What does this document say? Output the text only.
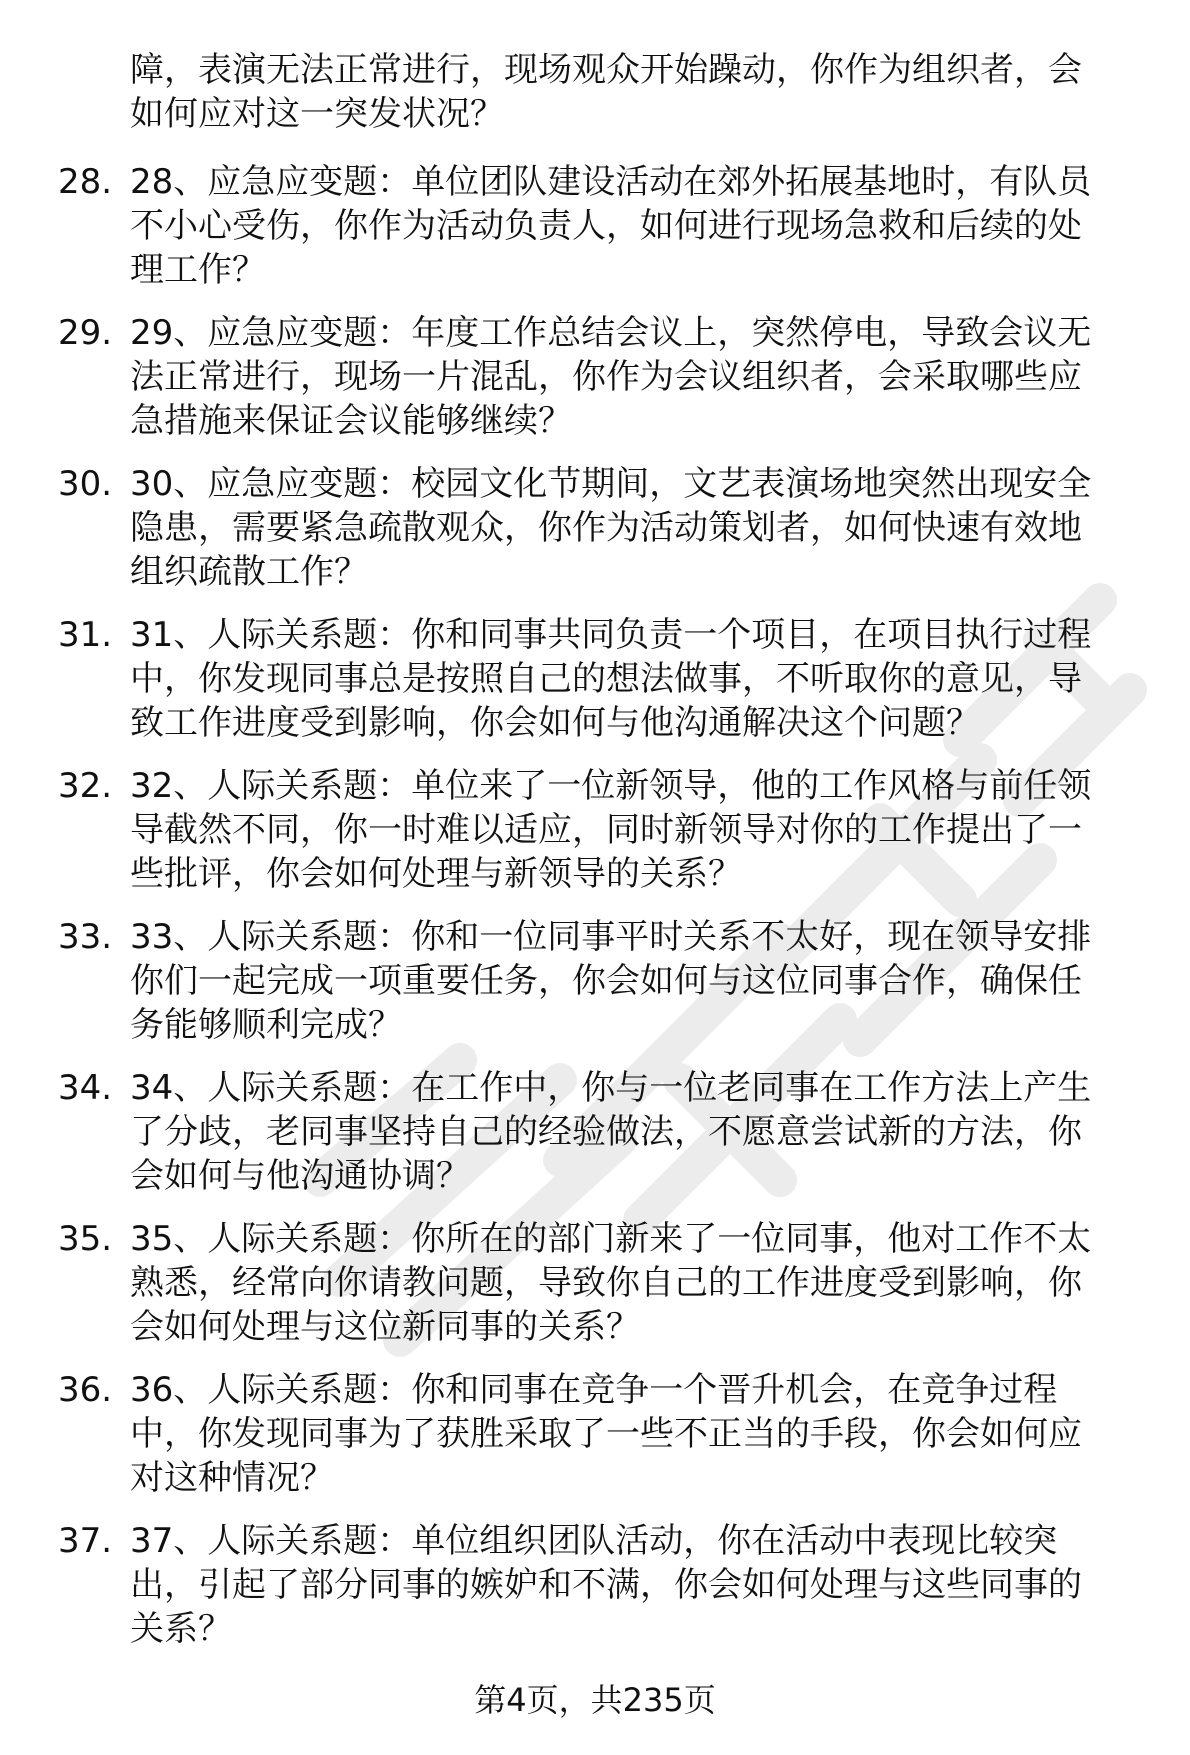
障，表演无法正常进行，现场观众开始躁动，你作为组织者，会
如何应对这一突发状况？
28. 28、应急应变题：单位团队建设活动在郊外拓展基地时，有队员
不小心受伤，你作为活动负责人，如何进行现场急救和后续的处
理工作？
29. 29、应急应变题：年度工作总结会议上，突然停电，导致会议无
法正常进行，现场一片混乱，你作为会议组织者，会采取哪些应
急措施来保证会议能够继续？
30. 30、应急应变题：校园文化节期间，文艺表演场地突然出现安全
隐患，需要紧急疏散观众，你作为活动策划者，如何快速有效地
组织疏散工作？
31. 31、人际关系题：你和同事共同负责一个项目，在项目执行过程
中，你发现同事总是按照自己的想法做事，不听取你的意见，导
致工作进度受到影响，你会如何与他沟通解决这个问题？
32. 32、人际关系题：单位来了一位新领导，他的工作风格与前任领
导截然不同，你一时难以适应，同时新领导对你的工作提出了一
些批评，你会如何处理与新领导的关系？
33. 33、人际关系题：你和一位同事平时关系不太好，现在领导安排
你们一起完成一项重要任务，你会如何与这位同事合作，确保任
务能够顺利完成？
34. 34、人际关系题：在工作中，你与一位老同事在工作方法上产生
了分歧，老同事坚持自己的经验做法，不愿意尝试新的方法，你
会如何与他沟通协调？
35. 35、人际关系题：你所在的部门新来了一位同事，他对工作不太
熟悉，经常向你请教问题，导致你自己的工作进度受到影响，你
会如何处理与这位新同事的关系？
36. 36、人际关系题：你和同事在竞争一个晋升机会，在竞争过程
中，你发现同事为了获胜采取了一些不正当的手段，你会如何应
对这种情况？
37. 37、人际关系题：单位组织团队活动，你在活动中表现比较突
出，引起了部分同事的嫉妒和不满，你会如何处理与这些同事的
关系？
第4页，共235页
